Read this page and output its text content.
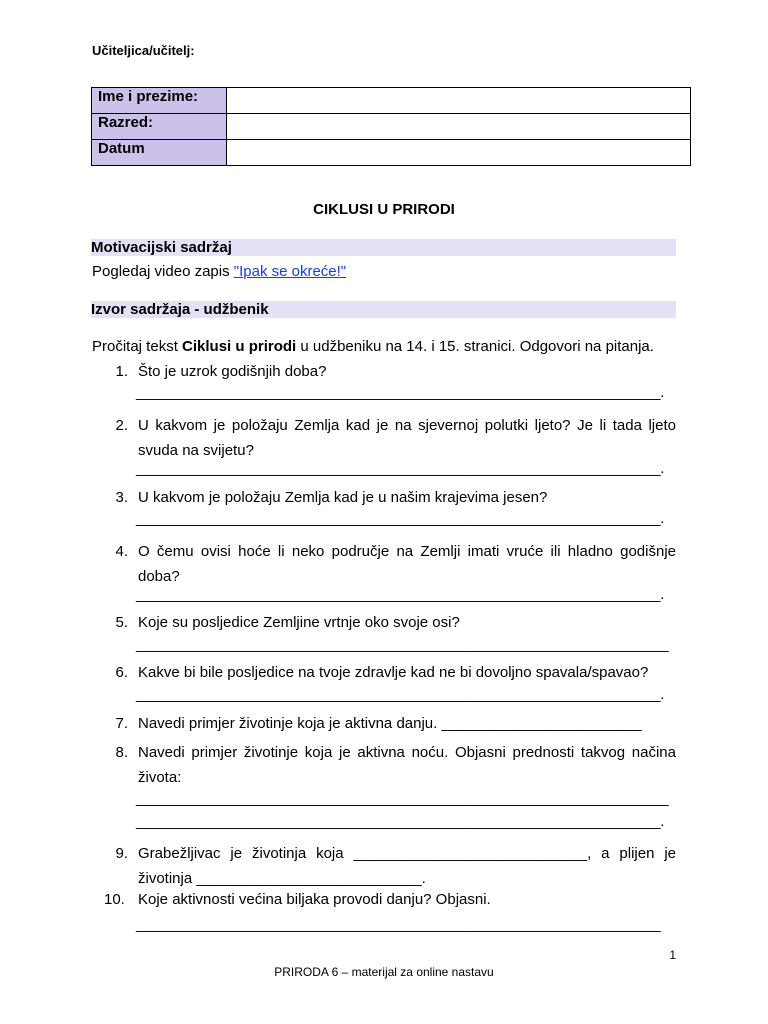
Učiteljica/učitelj:
Ime i prezime:	
Razred:	
Datum	
CIKLUSI U PRIRODI
Motivacijski sadržaj
Pogledaj video zapis "Ipak se okreće!"
Izvor sadržaja - udžbenik
Pročitaj tekst Ciklusi u prirodi u udžbeniku na 14. i 15. stranici. Odgovori na pitanja.
1. Što je uzrok godišnjih doba?
________________________________________________________________.
2. U kakvom je položaju Zemlja kad je na sjevernoj polutki ljeto? Je li tada ljeto svuda na svijetu?
________________________________________________________________.
3. U kakvom je položaju Zemlja kad je u našim krajevima jesen?
________________________________________________________________.
4. O čemu ovisi hoće li neko područje na Zemlji imati vruće ili hladno godišnje doba?
________________________________________________________________.
5. Koje su posljedice Zemljine vrtnje oko svoje osi?
_________________________________________________________________
6. Kakve bi bile posljedice na tvoje zdravlje kad ne bi dovoljno spavala/spavao?
________________________________________________________________.
7. Navedi primjer životinje koja je aktivna danju. ________________________
8. Navedi primjer životinje koja je aktivna noću. Objasni prednosti takvog načina života:
_________________________________________________________________
________________________________________________________________.
9. Grabežljivac je životinja koja ____________________________, a plijen je životinja ___________________________.
10. Koje aktivnosti većina biljaka provodi danju? Objasni.
________________________________________________________________
1
PRIRODA 6 – materijal za online nastavu
